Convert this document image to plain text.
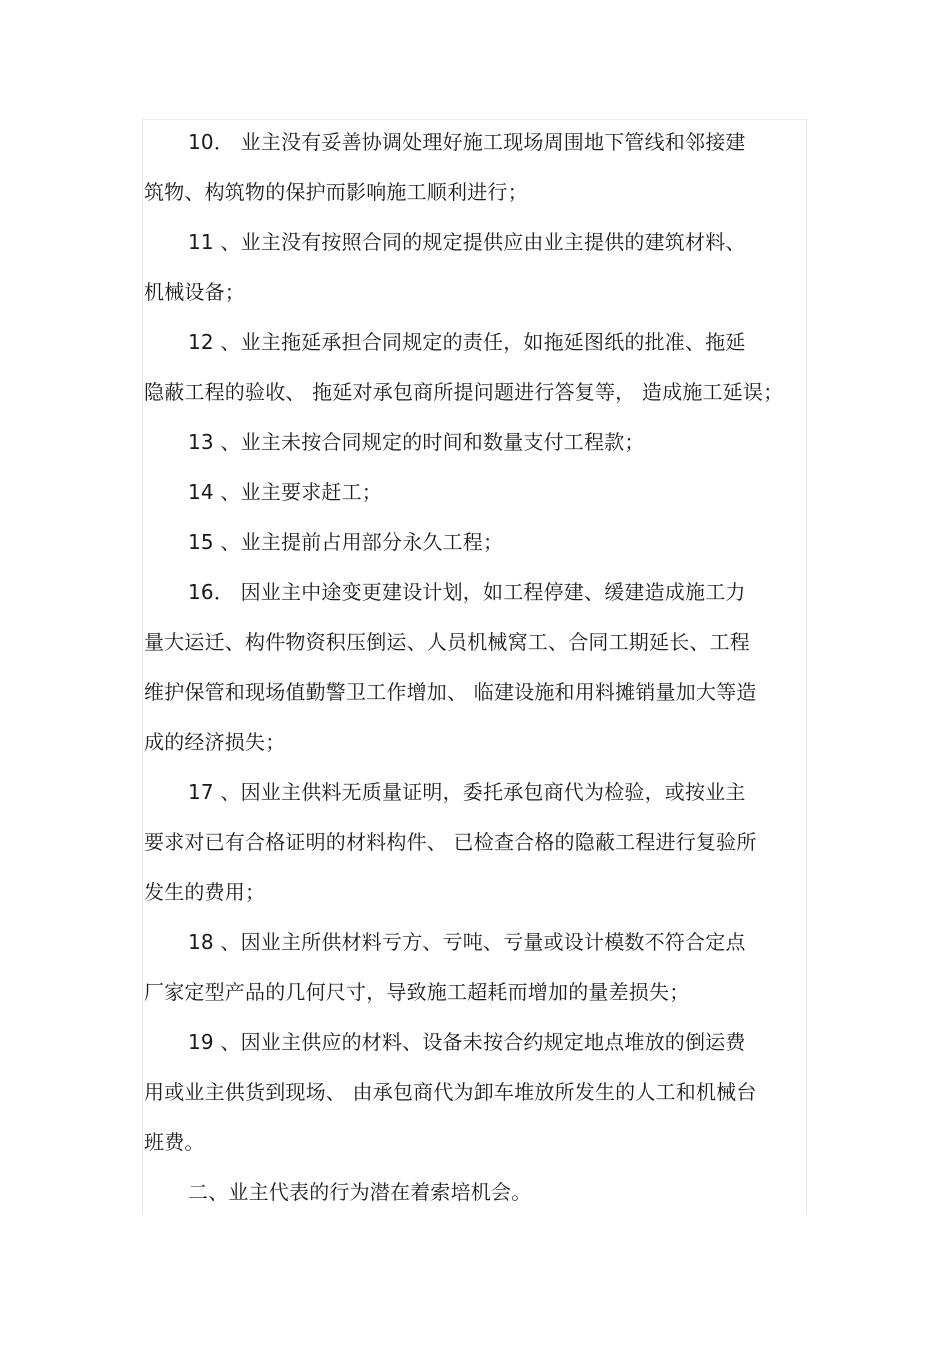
10． 业主没有妥善协调处理好施工现场周围地下管线和邻接建
筑物、构筑物的保护而影响施工顺利进行；
11 、业主没有按照合同的规定提供应由业主提供的建筑材料、
机械设备；
12 、业主拖延承担合同规定的责任，如拖延图纸的批准、拖延
隐蔽工程的验收、 拖延对承包商所提问题进行答复等， 造成施工延误；
13 、业主未按合同规定的时间和数量支付工程款；
14 、业主要求赶工；
15 、业主提前占用部分永久工程；
16． 因业主中途变更建设计划，如工程停建、缓建造成施工力
量大运迁、构件物资积压倒运、人员机械窝工、合同工期延长、工程
维护保管和现场值勤警卫工作增加、 临建设施和用料摊销量加大等造
成的经济损失；
17 、因业主供料无质量证明，委托承包商代为检验，或按业主
要求对已有合格证明的材料构件、 已检查合格的隐蔽工程进行复验所
发生的费用；
18 、因业主所供材料亏方、亏吨、亏量或设计模数不符合定点
厂家定型产品的几何尺寸，导致施工超耗而增加的量差损失；
19 、因业主供应的材料、设备未按合约规定地点堆放的倒运费
用或业主供货到现场、 由承包商代为卸车堆放所发生的人工和机械台
班费。
二、业主代表的行为潜在着索培机会。
